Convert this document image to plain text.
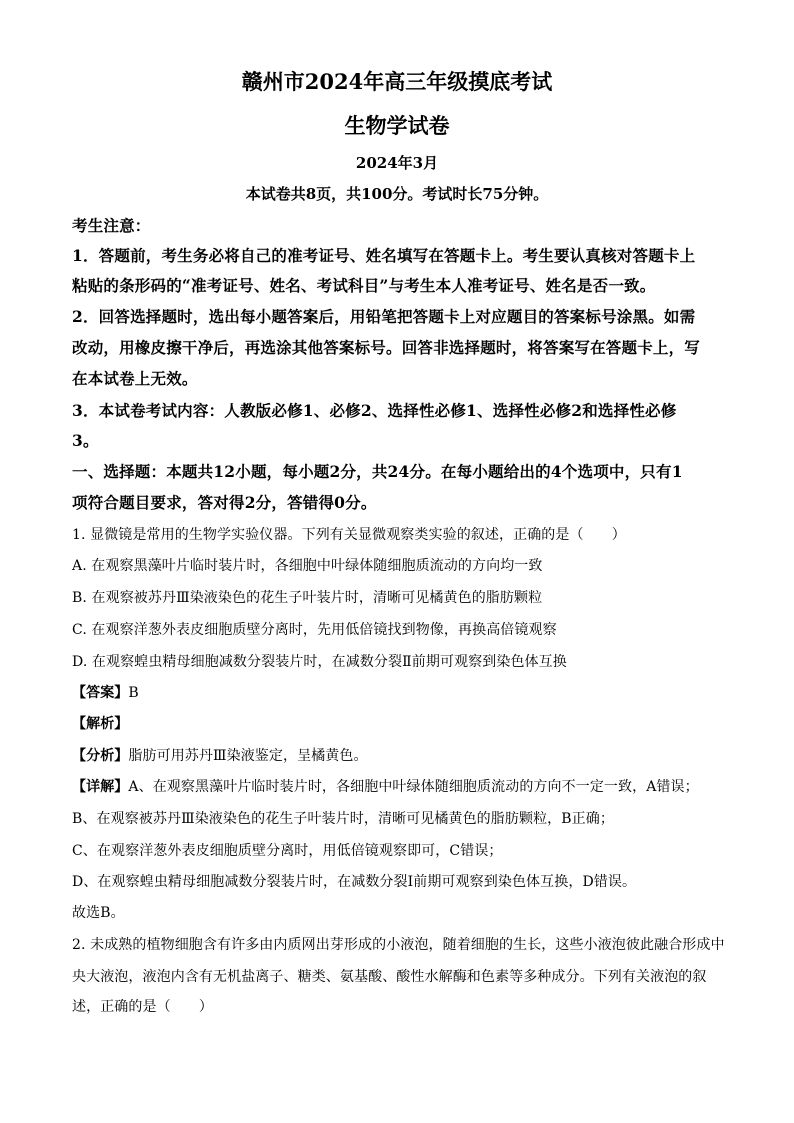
赣州市2024年高三年级摸底考试
生物学试卷
2024年3月
本试卷共8页，共100分。考试时长75分钟。
考生注意：
1．答题前，考生务必将自己的准考证号、姓名填写在答题卡上。考生要认真核对答题卡上
粘贴的条形码的“准考证号、姓名、考试科目”与考生本人准考证号、姓名是否一致。
2．回答选择题时，选出每小题答案后，用铅笔把答题卡上对应题目的答案标号涂黑。如需
改动，用橡皮擦干净后，再选涂其他答案标号。回答非选择题时，将答案写在答题卡上，写
在本试卷上无效。
3．本试卷考试内容：人教版必修1、必修2、选择性必修1、选择性必修2和选择性必修
3。
一、选择题：本题共12小题，每小题2分，共24分。在每小题给出的4个选项中，只有1
项符合题目要求，答对得2分，答错得0分。
1. 显微镜是常用的生物学实验仪器。下列有关显微观察类实验的叙述，正确的是（　　）
A. 在观察黑藻叶片临时装片时，各细胞中叶绿体随细胞质流动的方向均一致
B. 在观察被苏丹Ⅲ染液染色的花生子叶装片时，清晰可见橘黄色的脂肪颗粒
C. 在观察洋葱外表皮细胞质壁分离时，先用低倍镜找到物像，再换高倍镜观察
D. 在观察蝗虫精母细胞减数分裂装片时，在减数分裂Ⅱ前期可观察到染色体互换
【答案】B
【解析】
【分析】脂肪可用苏丹Ⅲ染液鉴定，呈橘黄色。
【详解】A、在观察黑藻叶片临时装片时，各细胞中叶绿体随细胞质流动的方向不一定一致，A错误；
B、在观察被苏丹Ⅲ染液染色的花生子叶装片时，清晰可见橘黄色的脂肪颗粒，B正确；
C、在观察洋葱外表皮细胞质壁分离时，用低倍镜观察即可，C错误；
D、在观察蝗虫精母细胞减数分裂装片时，在减数分裂Ⅰ前期可观察到染色体互换，D错误。
故选B。
2. 未成熟的植物细胞含有许多由内质网出芽形成的小液泡，随着细胞的生长，这些小液泡彼此融合形成中
央大液泡，液泡内含有无机盐离子、糖类、氨基酸、酸性水解酶和色素等多种成分。下列有关液泡的叙
述，正确的是（　　）
